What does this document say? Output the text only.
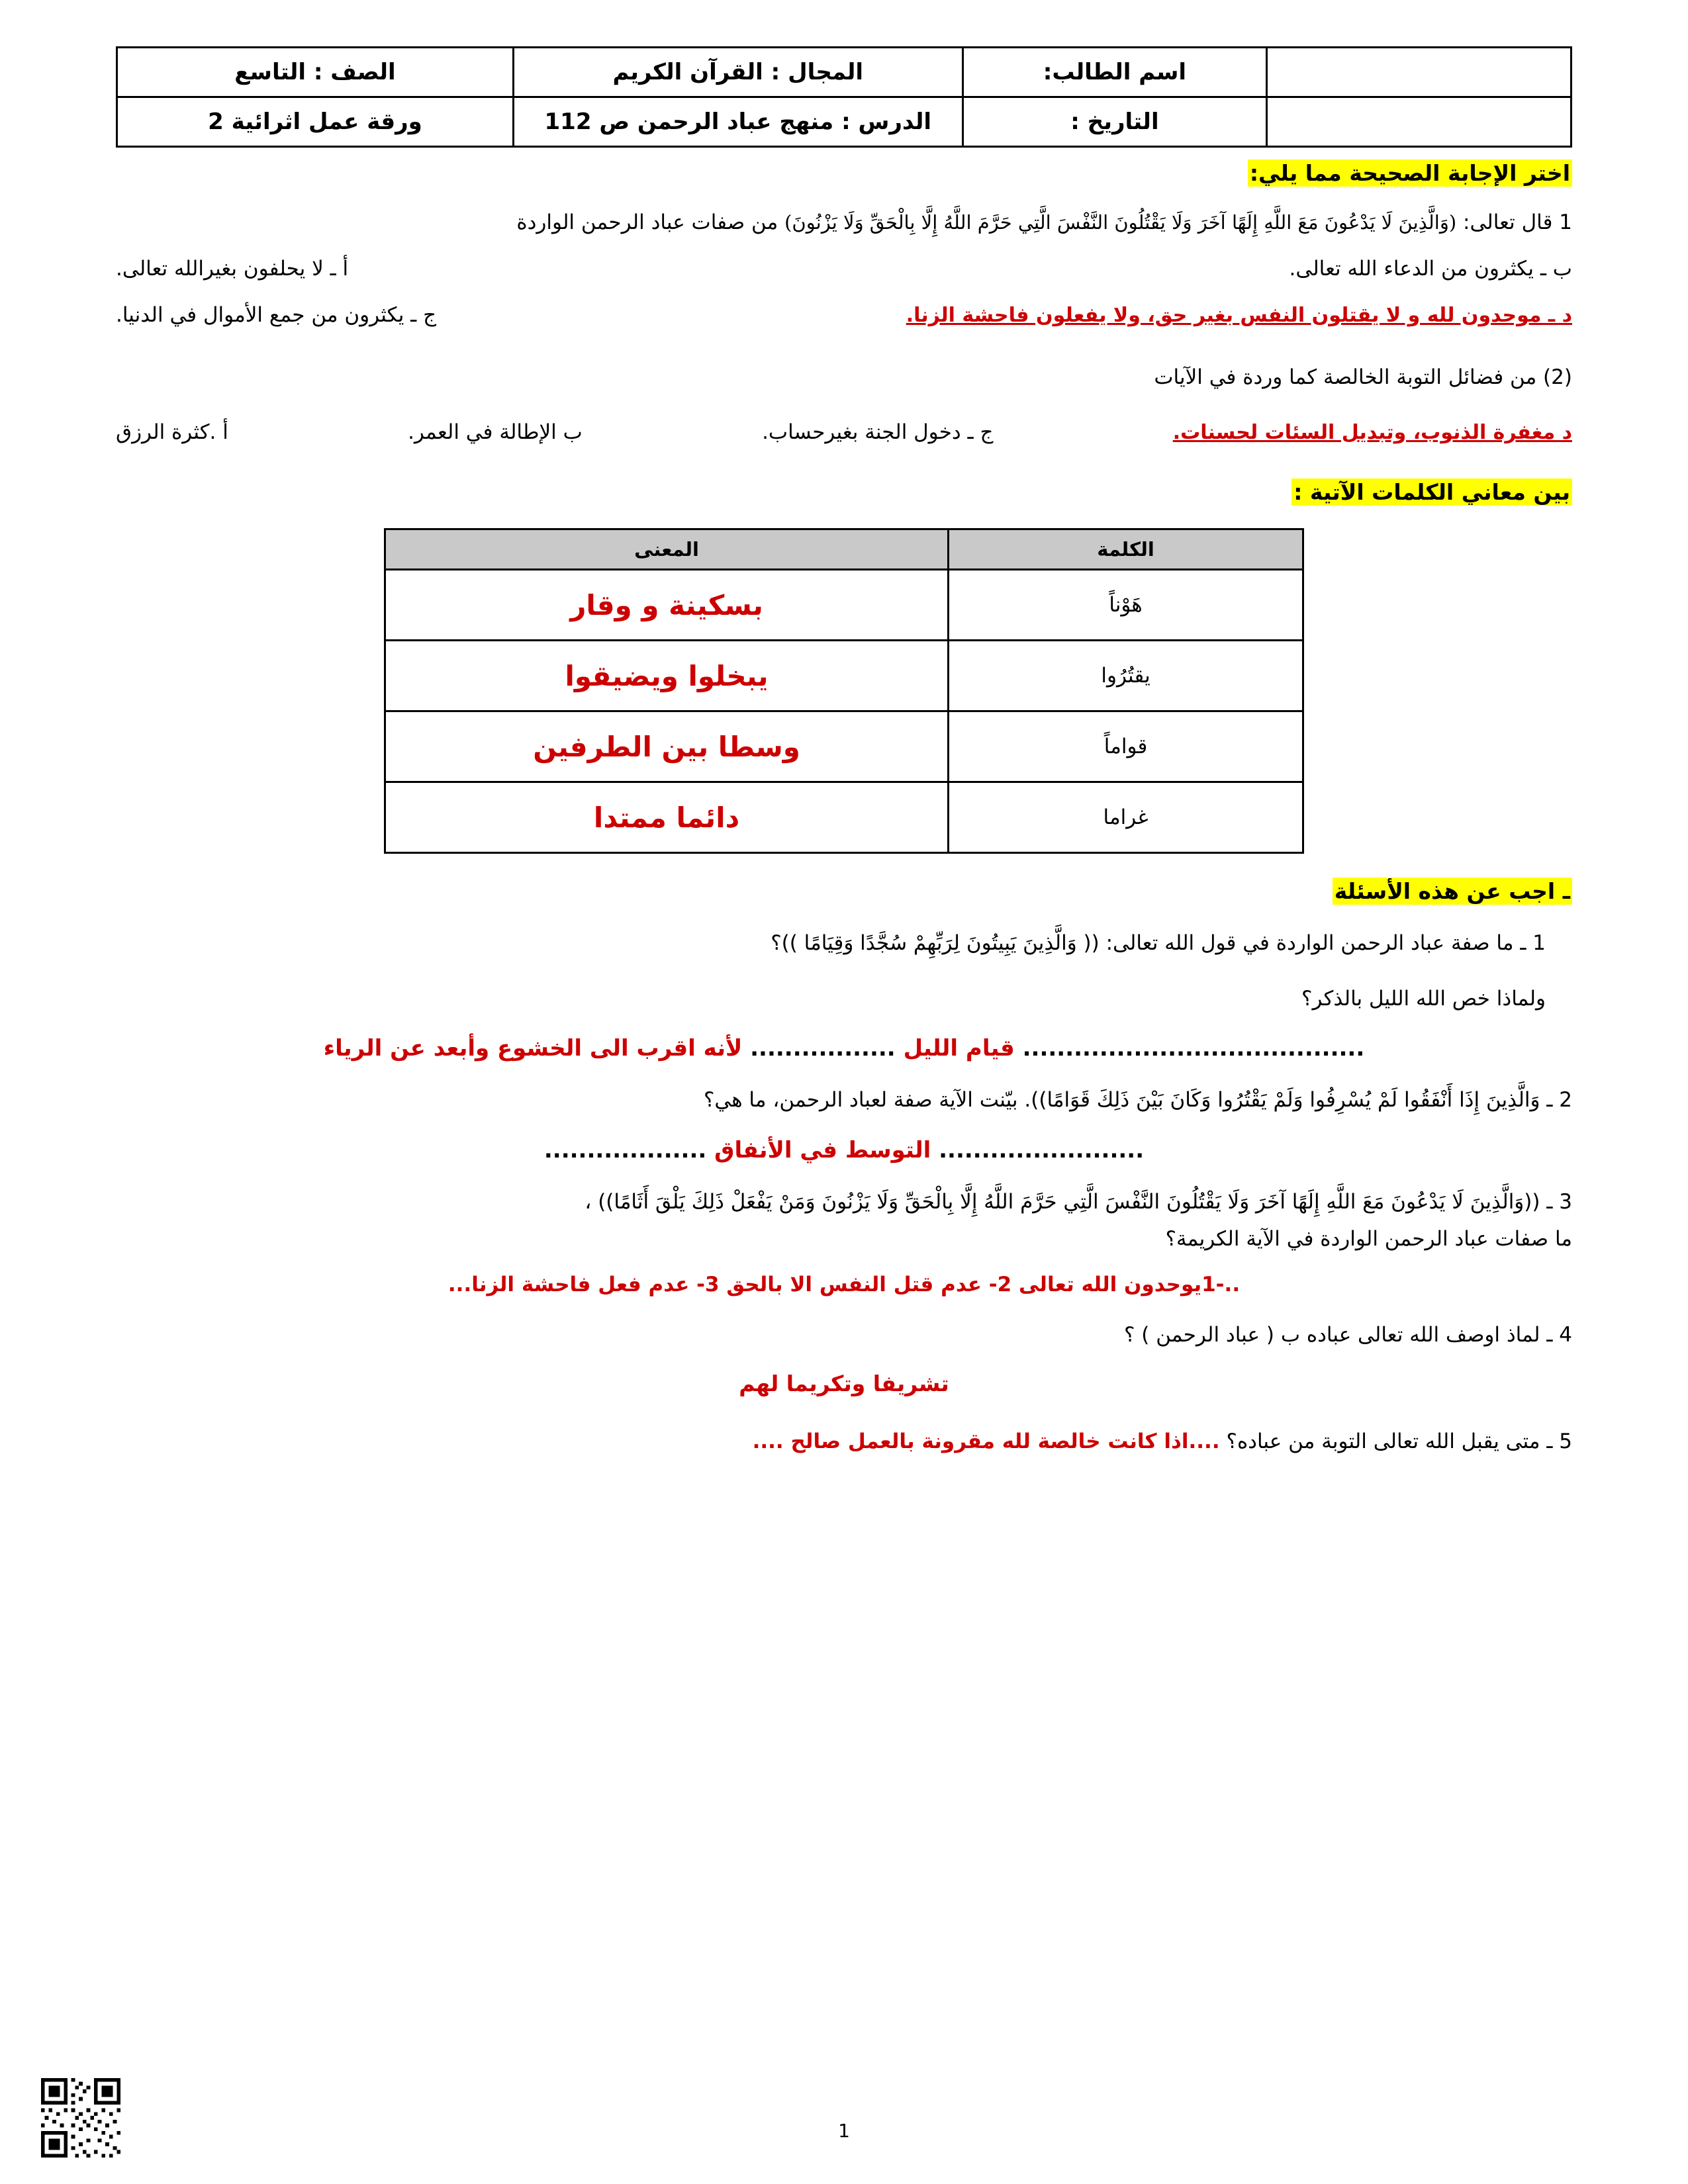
	اسم الطالب:	المجال : القرآن الكريم	الصف : التاسع
	التاريخ :	الدرس : منهج عباد الرحمن ص 112	ورقة عمل اثرائية 2
اختر الإجابة الصحيحة مما يلي:
1 قال تعالى: (وَالَّذِينَ لَا يَدْعُونَ مَعَ اللَّهِ إِلَهًا آخَرَ وَلَا يَقْتُلُونَ النَّفْسَ الَّتِي حَرَّمَ اللَّهُ إِلَّا بِالْحَقِّ وَلَا يَزْنُونَ) من صفات عباد الرحمن الواردة
ب ـ يكثرون من الدعاء الله تعالى.
أ ـ لا يحلفون بغيرالله تعالى.
د ـ موحدون لله و لا يقتلون النفس بغير حق، ولا يفعلون فاحشة الزنا.
ج ـ يكثرون من جمع الأموال في الدنيا.
(2) من فضائل التوبة الخالصة كما وردة في الآيات
د مغفرة الذنوب، وتبديل السئات لحسنات.
ج ـ دخول الجنة بغيرحساب.
ب الإطالة في العمر.
أ .كثرة الرزق
بين معاني الكلمات الآتية :
الكلمة	المعنى
هَوْناً	بسكينة و وقار
يقتُرُوا	يبخلوا ويضيقوا
قواماً	وسطا بين الطرفين
غراما	دائما ممتدا
ـ اجب عن هذه الأسئلة
1 ـ ما صفة عباد الرحمن الواردة في قول الله تعالى: (( وَالَّذِينَ يَبِيتُونَ لِرَبِّهِمْ سُجَّدًا وَقِيَامًا ))؟
ولماذا خص الله الليل بالذكر؟
........................................ قيام الليل ................. لأنه اقرب الى الخشوع وأبعد عن الرياء
2 ـ وَالَّذِينَ إِذَا أَنْفَقُوا لَمْ يُسْرِفُوا وَلَمْ يَقْتُرُوا وَكَانَ بَيْنَ ذَلِكَ قَوَامًا)). بيّنت الآية صفة لعباد الرحمن، ما هي؟
........................ التوسط في الأنفاق ...................
3 ـ ((وَالَّذِينَ لَا يَدْعُونَ مَعَ اللَّهِ إِلَهًا آخَرَ وَلَا يَقْتُلُونَ النَّفْسَ الَّتِي حَرَّمَ اللَّهُ إِلَّا بِالْحَقِّ وَلَا يَزْنُونَ وَمَنْ يَفْعَلْ ذَلِكَ يَلْقَ أَثَامًا)) ،
ما صفات عباد الرحمن الواردة في الآية الكريمة؟
..-1يوحدون الله تعالى 2- عدم قتل النفس الا بالحق 3- عدم فعل فاحشة الزنا...
4 ـ لماذ اوصف الله تعالى عباده ب ( عباد الرحمن ) ؟
تشريفا وتكريما لهم
5 ـ متى يقبل الله تعالى التوبة من عباده؟ ....اذا كانت خالصة لله مقرونة بالعمل صالح ....
1
